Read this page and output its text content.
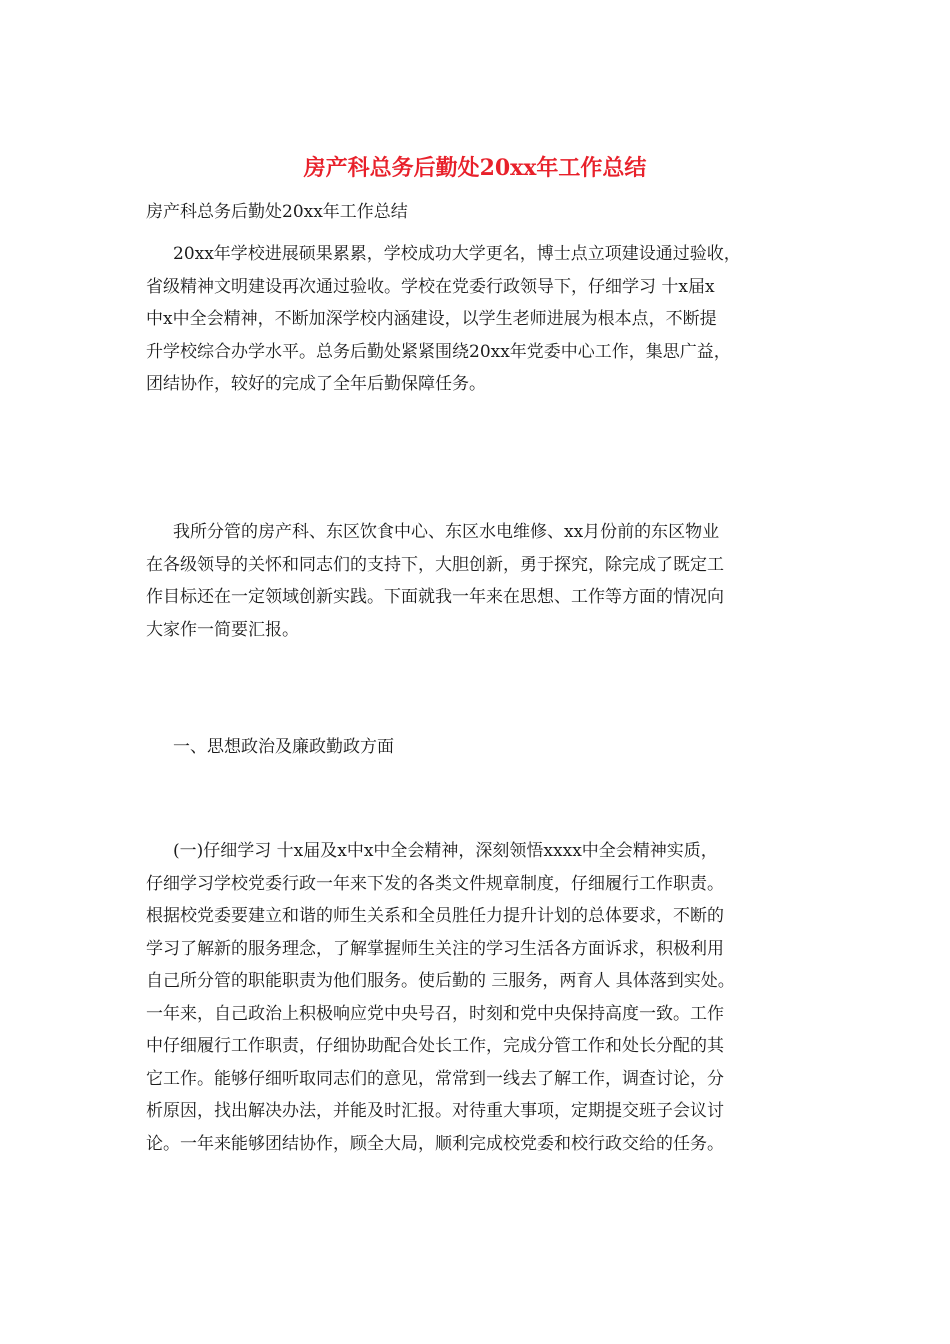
房产科总务后勤处20xx年工作总结
房产科总务后勤处20xx年工作总结
20xx年学校进展硕果累累，学校成功大学更名，博士点立项建设通过验收，
省级精神文明建设再次通过验收。学校在党委行政领导下，仔细学习 十x届x
中x中全会精神，不断加深学校内涵建设，以学生老师进展为根本点，不断提
升学校综合办学水平。总务后勤处紧紧围绕20xx年党委中心工作，集思广益，
团结协作，较好的完成了全年后勤保障任务。
我所分管的房产科、东区饮食中心、东区水电维修、xx月份前的东区物业
在各级领导的关怀和同志们的支持下，大胆创新，勇于探究，除完成了既定工
作目标还在一定领域创新实践。下面就我一年来在思想、工作等方面的情况向
大家作一简要汇报。
一、思想政治及廉政勤政方面
(一)仔细学习 十x届及x中x中全会精神，深刻领悟xxxx中全会精神实质，
仔细学习学校党委行政一年来下发的各类文件规章制度，仔细履行工作职责。
根据校党委要建立和谐的师生关系和全员胜任力提升计划的总体要求，不断的
学习了解新的服务理念，了解掌握师生关注的学习生活各方面诉求，积极利用
自己所分管的职能职责为他们服务。使后勤的 三服务，两育人 具体落到实处。
一年来，自己政治上积极响应党中央号召，时刻和党中央保持高度一致。工作
中仔细履行工作职责，仔细协助配合处长工作，完成分管工作和处长分配的其
它工作。能够仔细听取同志们的意见，常常到一线去了解工作，调查讨论，分
析原因，找出解决办法，并能及时汇报。对待重大事项，定期提交班子会议讨
论。一年来能够团结协作，顾全大局，顺利完成校党委和校行政交给的任务。
